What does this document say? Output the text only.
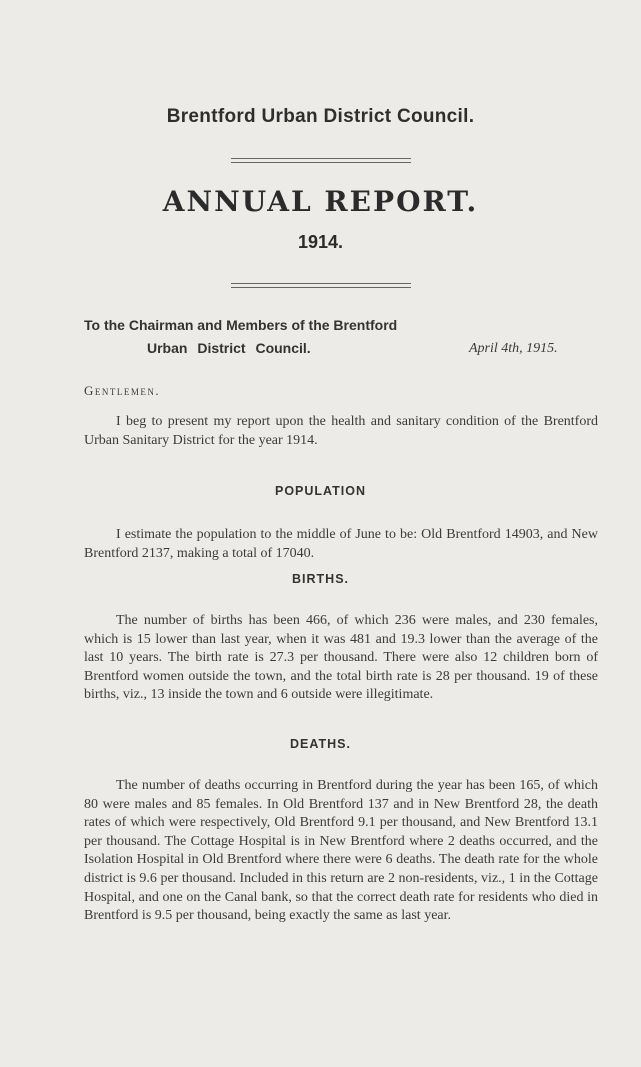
Brentford Urban District Council.
ANNUAL REPORT.
1914.
To the Chairman and Members of the Brentford
Urban District Council.	April 4th, 1915.
Gentlemen.

I beg to present my report upon the health and sanitary condition of the Brentford Urban Sanitary District for the year 1914.

POPULATION

I estimate the population to the middle of June to be: Old Brentford 14903, and New Brentford 2137, making a total of 17040.

BIRTHS.

The number of births has been 466, of which 236 were males, and 230 females, which is 15 lower than last year, when it was 481 and 19.3 lower than the average of the last 10 years. The birth rate is 27.3 per thousand. There were also 12 children born of Brentford women outside the town, and the total birth rate is 28 per thousand. 19 of these births, viz., 13 inside the town and 6 outside were illegitimate.

DEATHS.

The number of deaths occurring in Brentford during the year has been 165, of which 80 were males and 85 females. In Old Brentford 137 and in New Brentford 28, the death rates of which were respectively, Old Brentford 9.1 per thousand, and New Brentford 13.1 per thousand. The Cottage Hospital is in New Brentford where 2 deaths occurred, and the Isolation Hospital in Old Brentford where there were 6 deaths. The death rate for the whole district is 9.6 per thousand. Included in this return are 2 non-residents, viz., 1 in the Cottage Hospital, and one on the Canal bank, so that the correct death rate for residents who died in Brentford is 9.5 per thousand, being exactly the same as last year.
